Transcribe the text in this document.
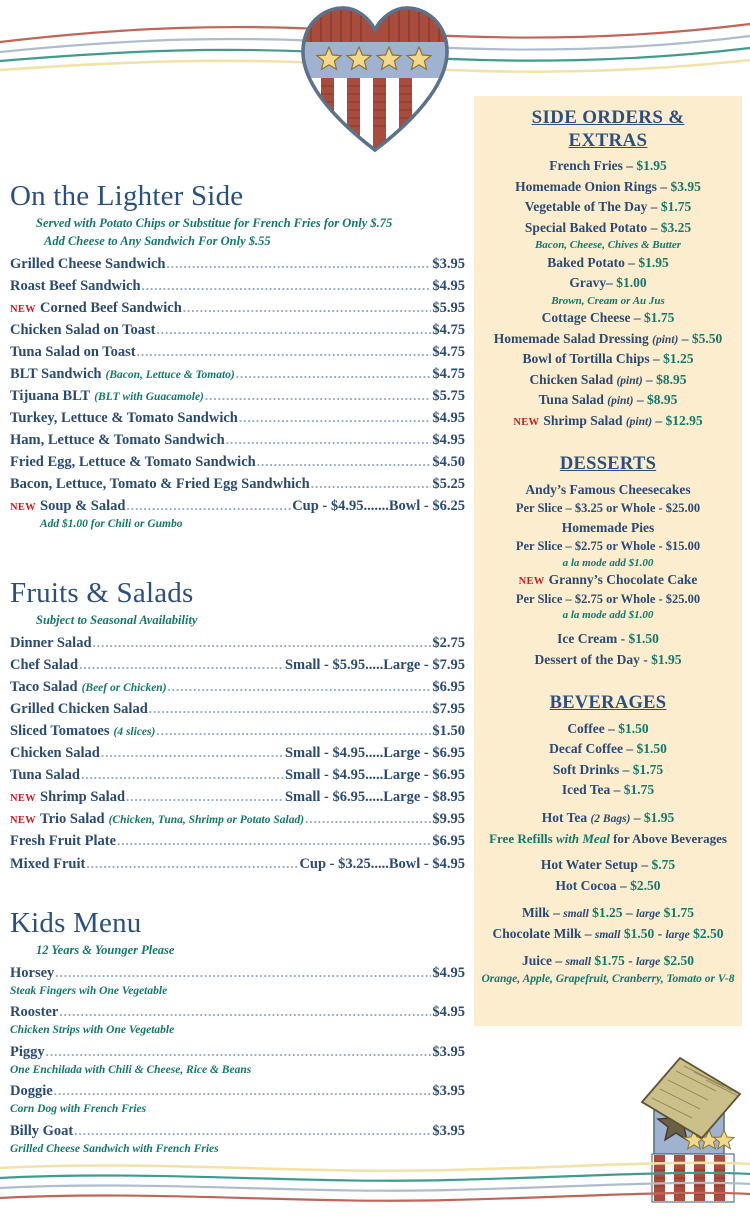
On the Lighter Side
Served with Potato Chips or Substitue for French Fries for Only $.75
Add Cheese to Any Sandwich For Only $.55
Grilled Cheese Sandwich .....	$3.95
Roast Beef Sandwich .....	$4.95
NEW Corned Beef Sandwich .....	$5.95
Chicken Salad on Toast .....	$4.75
Tuna Salad on Toast .....	$4.75
BLT Sandwich (Bacon, Lettuce & Tomato) .....	$4.75
Tijuana BLT (BLT with Guacamole) .....	$5.75
Turkey, Lettuce & Tomato Sandwich .....	$4.95
Ham, Lettuce & Tomato Sandwich .....	$4.95
Fried Egg, Lettuce & Tomato Sandwich .....	$4.50
Bacon, Lettuce, Tomato & Fried Egg Sandwhich .....	$5.25
NEW Soup & Salad .....	Cup - $4.95.......Bowl - $6.25
Add $1.00 for Chili or Gumbo
Fruits & Salads
Subject to Seasonal Availability
Dinner Salad .....	$2.75
Chef Salad .....	Small - $5.95.....Large - $7.95
Taco Salad (Beef or Chicken) .....	$6.95
Grilled Chicken Salad .....	$7.95
Sliced Tomatoes (4 slices) .....	$1.50
Chicken Salad .....	Small - $4.95.....Large - $6.95
Tuna Salad .....	Small - $4.95.....Large - $6.95
NEW Shrimp Salad .....	Small - $6.95.....Large - $8.95
NEW Trio Salad (Chicken, Tuna, Shrimp or Potato Salad) .....	$9.95
Fresh Fruit Plate .....	$6.95
Mixed Fruit .....	Cup - $3.25.....Bowl - $4.95
Kids Menu
12 Years & Younger Please
Horsey .....	$4.95
Steak Fingers wih One Vegetable
Rooster .....	$4.95
Chicken Strips with One Vegetable
Piggy .....	$3.95
One Enchilada with Chili & Cheese, Rice & Beans
Doggie .....	$3.95
Corn Dog with French Fries
Billy Goat .....	$3.95
Grilled Cheese Sandwich with French Fries
SIDE ORDERS &
EXTRAS
French Fries – $1.95
Homemade Onion Rings – $3.95
Vegetable of The Day – $1.75
Special Baked Potato – $3.25
Bacon, Cheese, Chives & Butter
Baked Potato – $1.95
Gravy– $1.00
Brown, Cream or Au Jus
Cottage Cheese – $1.75
Homemade Salad Dressing (pint) – $5.50
Bowl of Tortilla Chips – $1.25
Chicken Salad (pint) – $8.95
Tuna Salad (pint) – $8.95
NEW Shrimp Salad (pint) – $12.95
DESSERTS
Andy’s Famous Cheesecakes
Per Slice – $3.25 or Whole - $25.00
Homemade Pies
Per Slice – $2.75 or Whole - $15.00
a la mode add $1.00
NEW Granny’s Chocolate Cake
Per Slice – $2.75 or Whole - $25.00
a la mode add $1.00
Ice Cream - $1.50
Dessert of the Day - $1.95
BEVERAGES
Coffee – $1.50
Decaf Coffee – $1.50
Soft Drinks – $1.75
Iced Tea – $1.75
Hot Tea (2 Bags) – $1.95
Free Refills with Meal for Above Beverages
Hot Water Setup – $.75
Hot Cocoa – $2.50
Milk – small $1.25 – large $1.75
Chocolate Milk – small $1.50 - large $2.50
Juice – small $1.75 - large $2.50
Orange, Apple, Grapefruit, Cranberry, Tomato or V-8
